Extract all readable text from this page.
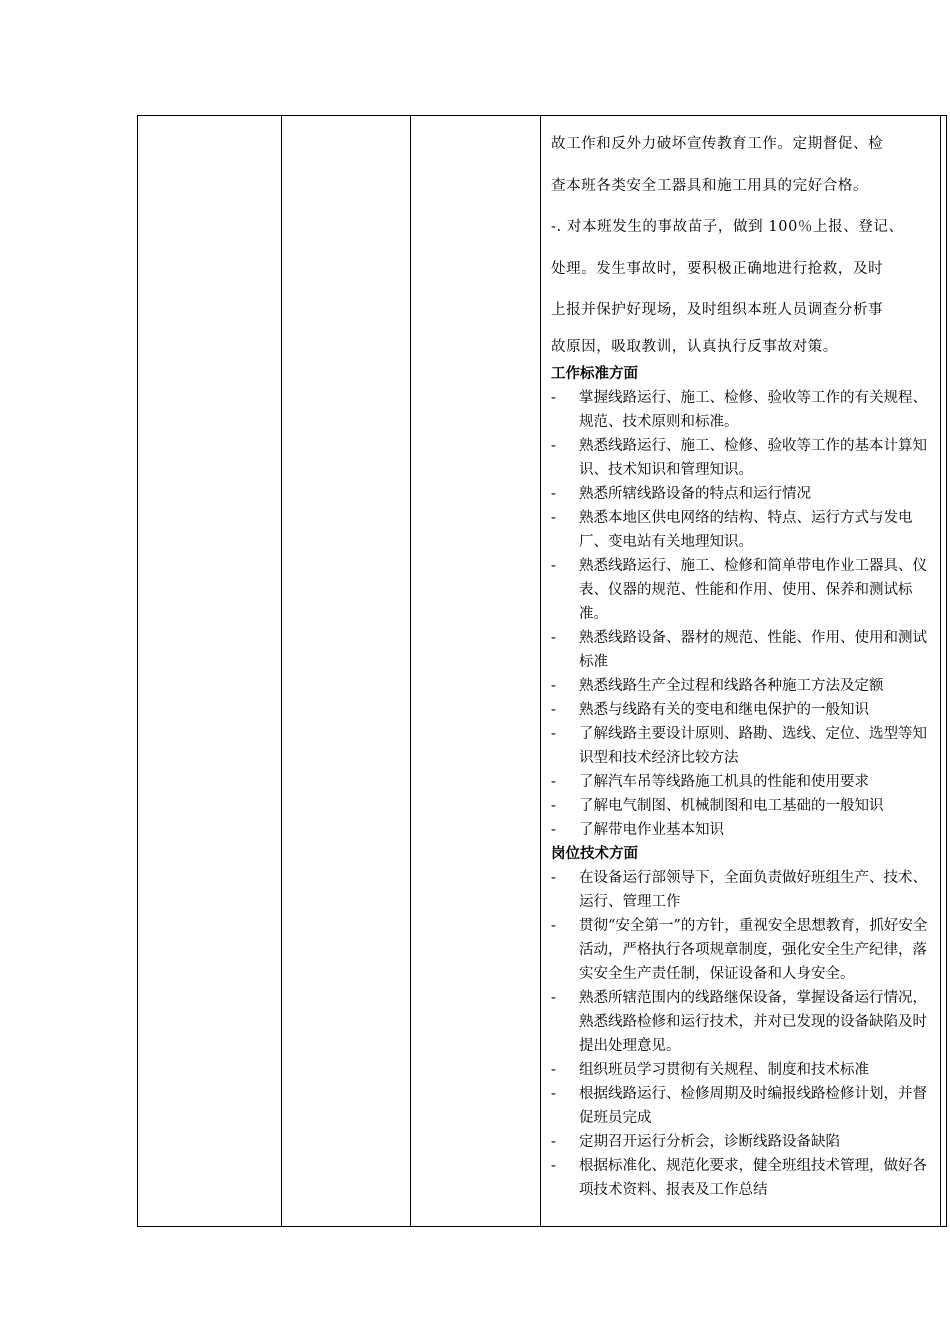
故工作和反外力破坏宣传教育工作。定期督促、检

查本班各类安全工器具和施工用具的完好合格。

-. 对本班发生的事故苗子，做到 100％上报、登记、

处理。发生事故时，要积极正确地进行抢救，及时

上报并保护好现场，及时组织本班人员调查分析事

故原因，吸取教训，认真执行反事故对策。

工作标准方面

- 掌握线路运行、施工、检修、验收等工作的有关规程、规范、技术原则和标准。
- 熟悉线路运行、施工、检修、验收等工作的基本计算知识、技术知识和管理知识。
- 熟悉所辖线路设备的特点和运行情况
- 熟悉本地区供电网络的结构、特点、运行方式与发电厂、变电站有关地理知识。
- 熟悉线路运行、施工、检修和简单带电作业工器具、仪表、仪器的规范、性能和作用、使用、保养和测试标准。
- 熟悉线路设备、器材的规范、性能、作用、使用和测试标准
- 熟悉线路生产全过程和线路各种施工方法及定额
- 熟悉与线路有关的变电和继电保护的一般知识
- 了解线路主要设计原则、路勘、选线、定位、选型等知识型和技术经济比较方法
- 了解汽车吊等线路施工机具的性能和使用要求
- 了解电气制图、机械制图和电工基础的一般知识
- 了解带电作业基本知识

岗位技术方面

- 在设备运行部领导下，全面负责做好班组生产、技术、运行、管理工作
- 贯彻“安全第一”的方针，重视安全思想教育，抓好安全活动，严格执行各项规章制度，强化安全生产纪律，落实安全生产责任制，保证设备和人身安全。
- 熟悉所辖范围内的线路继保设备，掌握设备运行情况，熟悉线路检修和运行技术，并对已发现的设备缺陷及时提出处理意见。
- 组织班员学习贯彻有关规程、制度和技术标准
- 根据线路运行、检修周期及时编报线路检修计划，并督促班员完成
- 定期召开运行分析会，诊断线路设备缺陷
- 根据标准化、规范化要求，健全班组技术管理，做好各项技术资料、报表及工作总结
